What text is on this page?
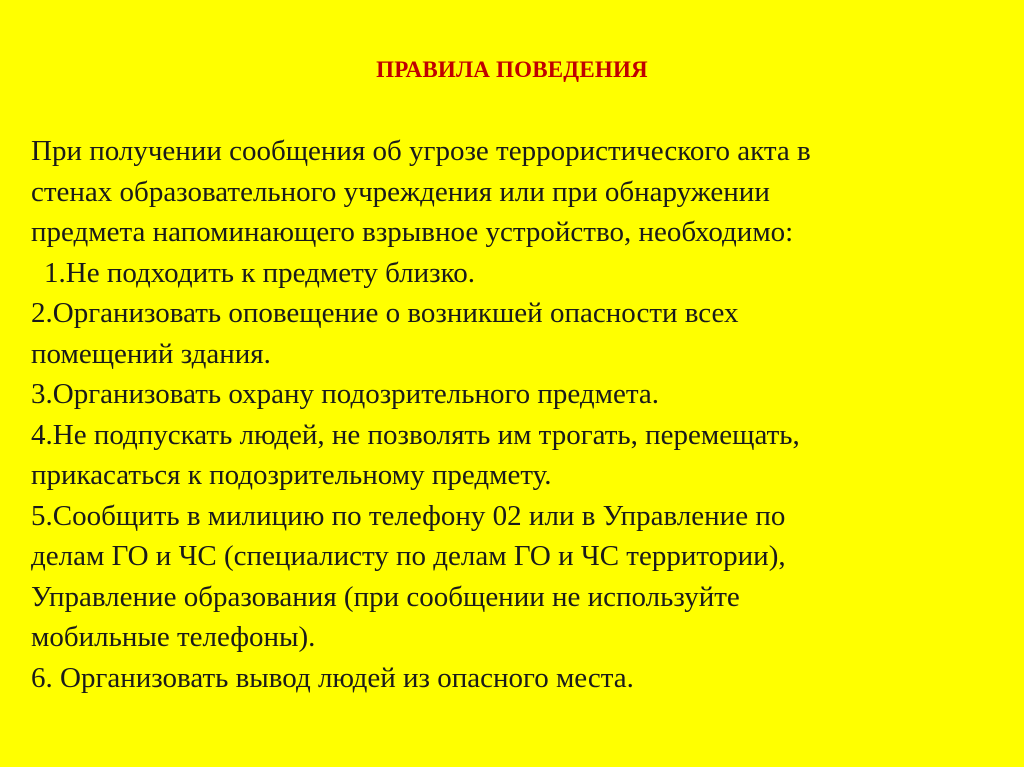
ПРАВИЛА ПОВЕДЕНИЯ
При получении сообщения об угрозе террористического акта в
стенах образовательного учреждения или при обнаружении
предмета напоминающего взрывное устройство, необходимо:
1.Не подходить к предмету близко.
2.Организовать оповещение о возникшей опасности всех
помещений здания.
3.Организовать охрану подозрительного предмета.
4.Не подпускать людей, не позволять им трогать, перемещать,
прикасаться к подозрительному предмету.
5.Сообщить в милицию по телефону 02 или в Управление по
делам ГО и ЧС (специалисту по делам ГО и ЧС территории),
Управление образования (при сообщении не используйте
мобильные телефоны).
6. Организовать вывод людей из опасного места.
